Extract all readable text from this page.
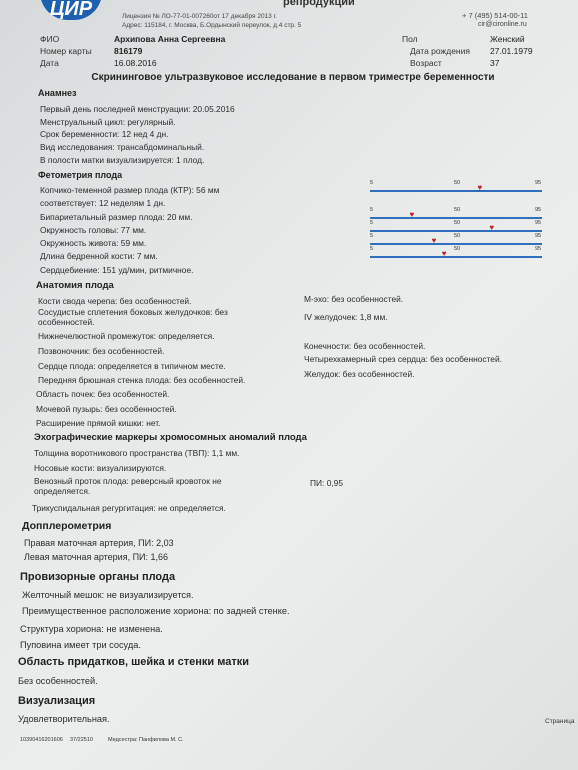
ЦИР	репродукции
Лицензия № ЛО-77-01-007260от 17 декабря 2013 г.
Адрес: 115184, г. Москва, Б.Ордынский переулок, д.4 стр. 5
+ 7 (495) 514-00-11
cir@cironline.ru
ФИО	Архипова Анна Сергеевна
Номер карты	816179
Дата	16.08.2016
Пол	Женский
Дата рождения 27.01.1979
Возраст	37
Скрининговое ультразвуковое исследование в первом триместре беременности
Анамнез
Первый день последней менструации: 20.05.2016
Менструальный цикл: регулярный.
Срок беременности: 12 нед 4 дн.
Вид исследования: трансабдоминальный.
В полости матки визуализируется: 1 плод.
Фетометрия плода
Копчико-теменной размер плода (КТР): 56 мм
соответствует: 12 неделям 1 дн.
Бипариетальный размер плода: 20 мм.
Окружность головы: 77 мм.
Окружность живота: 59 мм.
Длина бедренной кости: 7 мм.
Сердцебиение: 151 уд/мин, ритмичное.
5	50	95
♥
5	50	95
♥
5	50	95
♥
5	50	95
♥
5	50	95
♥
Анатомия плода
Кости свода черепа: без особенностей.
Сосудистые сплетения боковых желудочков: без особенностей.
Нижнечелюстной промежуток: определяется.
Позвоночник: без особенностей.
Сердце плода: определяется в типичном месте.
Передняя брюшная стенка плода: без особенностей.
Область почек: без особенностей.
Мочевой пузырь: без особенностей.
Расширение прямой кишки: нет.
М-эхо: без особенностей.
IV желудочек: 1,8 мм.
Конечности: без особенностей.
Четырехкамерный срез сердца: без особенностей.
Желудок: без особенностей.
Эхографические маркеры хромосомных аномалий плода
Толщина воротникового пространства (ТВП): 1,1 мм.
Носовые кости: визуализируются.
Венозный проток плода: реверсный кровоток не определяется.
ПИ: 0,95
Трикуспидальная регургитация: не определяется.
Допплерометрия
Правая маточная артерия, ПИ: 2,03
Левая маточная артерия, ПИ: 1,66
Провизорные органы плода
Желточный мешок: не визуализируется.
Преимущественное расположение хориона: по задней стенке.
Структура хориона: не изменена.
Пуповина имеет три сосуда.
Область придатков, шейка и стенки матки
Без особенностей.
Визуализация
Удовлетворительная.
10390416201606 37/22510	Медсестра: Панфилова М. С.
Страница
